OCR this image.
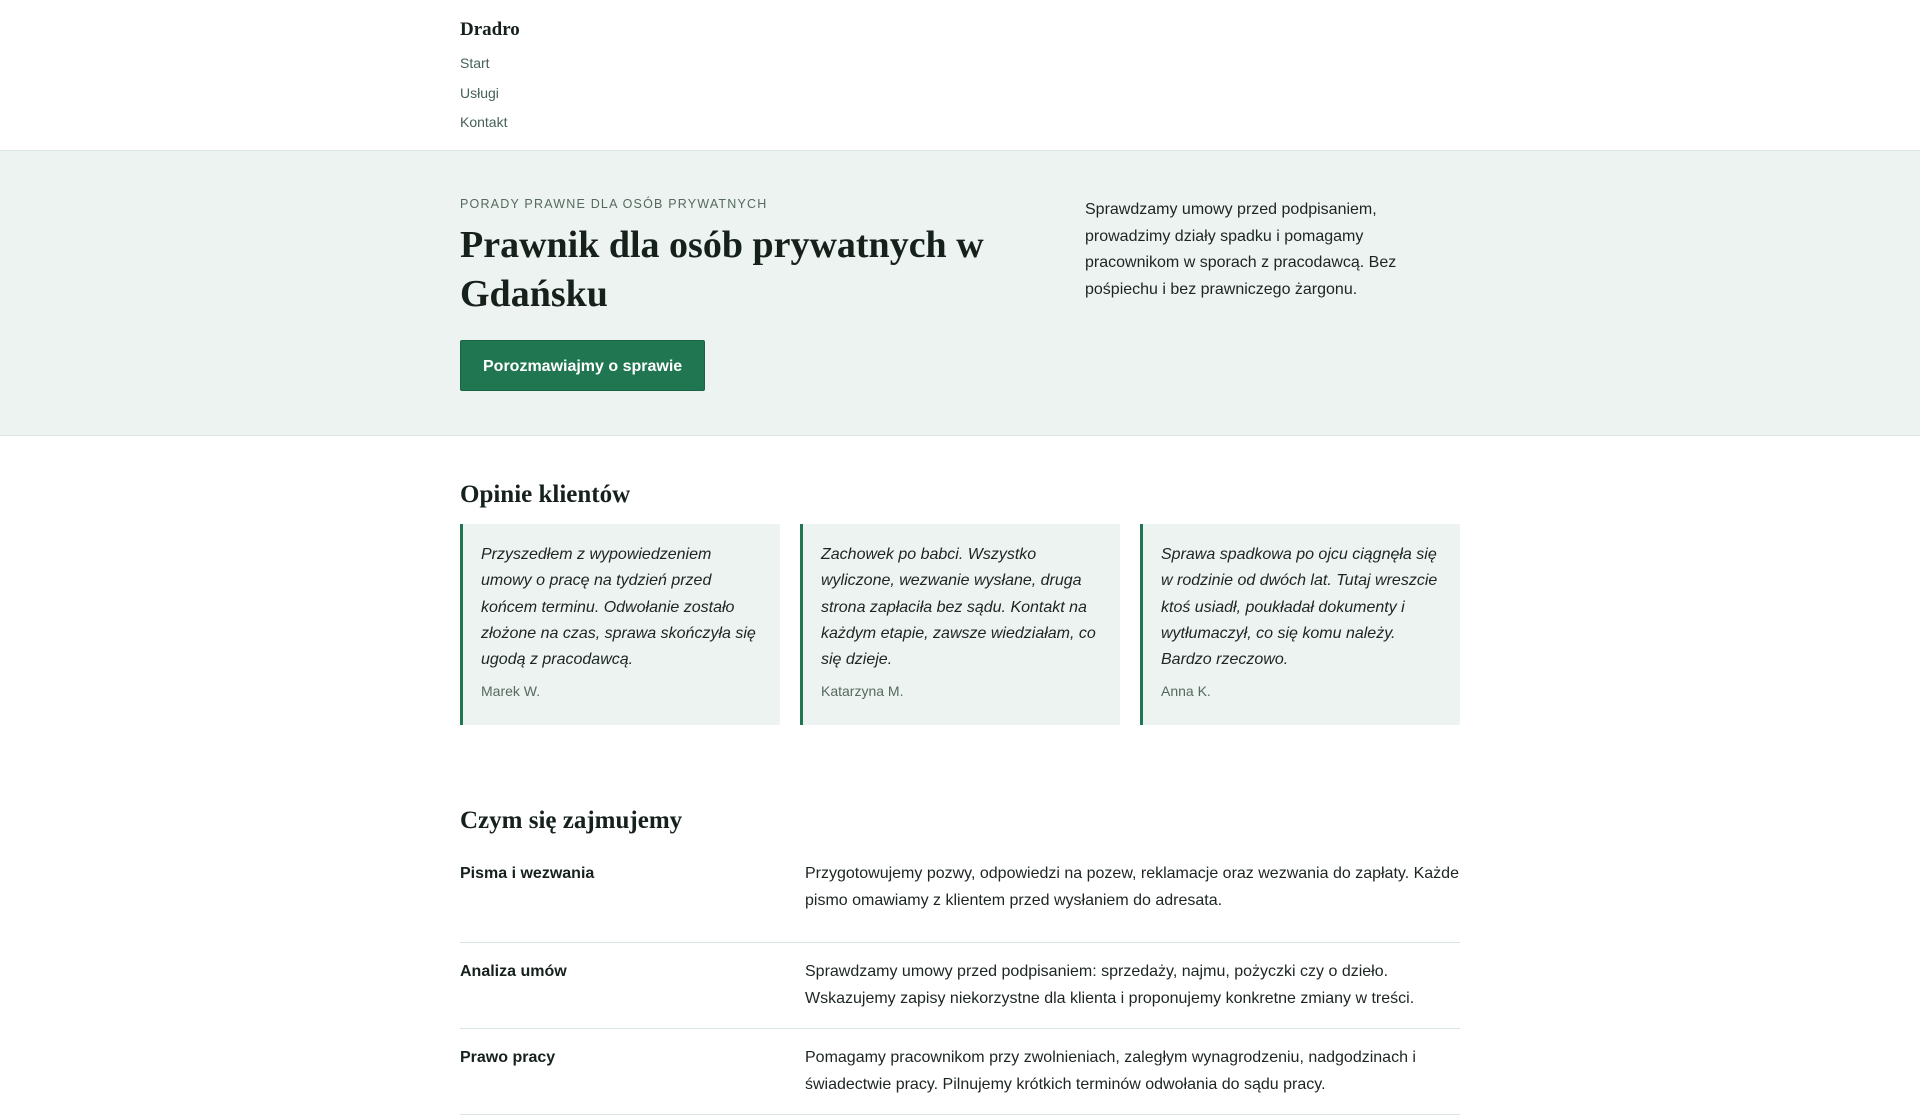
Dradro
Start
Usługi
Kontakt

PORADY PRAWNE DLA OSÓB PRYWATNYCH

Prawnik dla osób prywatnych w Gdańsku
Porozmawiajmy o sprawie

Sprawdzamy umowy przed podpisaniem, prowadzimy działy spadku i pomagamy pracownikom w sporach z pracodawcą. Bez pośpiechu i bez prawniczego żargonu.

Opinie klientów

Przyszedłem z wypowiedzeniem umowy o pracę na tydzień przed końcem terminu. Odwołanie zostało złożone na czas, sprawa skończyła się ugodą z pracodawcą.

Marek W.

Zachowek po babci. Wszystko wyliczone, wezwanie wysłane, druga strona zapłaciła bez sądu. Kontakt na każdym etapie, zawsze wiedziałam, co się dzieje.

Katarzyna M.

Sprawa spadkowa po ojcu ciągnęła się w rodzinie od dwóch lat. Tutaj wreszcie ktoś usiadł, poukładał dokumenty i wytłumaczył, co się komu należy. Bardzo rzeczowo.

Anna K.

Czym się zajmujemy
Pisma i wezwania	Przygotowujemy pozwy, odpowiedzi na pozew, reklamacje oraz wezwania do zapłaty. Każde pismo omawiamy z klientem przed wysłaniem do adresata.
Analiza umów	Sprawdzamy umowy przed podpisaniem: sprzedaży, najmu, pożyczki czy o dzieło. Wskazujemy zapisy niekorzystne dla klienta i proponujemy konkretne zmiany w treści.
Prawo pracy	Pomagamy pracownikom przy zwolnieniach, zaległym wynagrodzeniu, nadgodzinach i świadectwie pracy. Pilnujemy krótkich terminów odwołania do sądu pracy.
